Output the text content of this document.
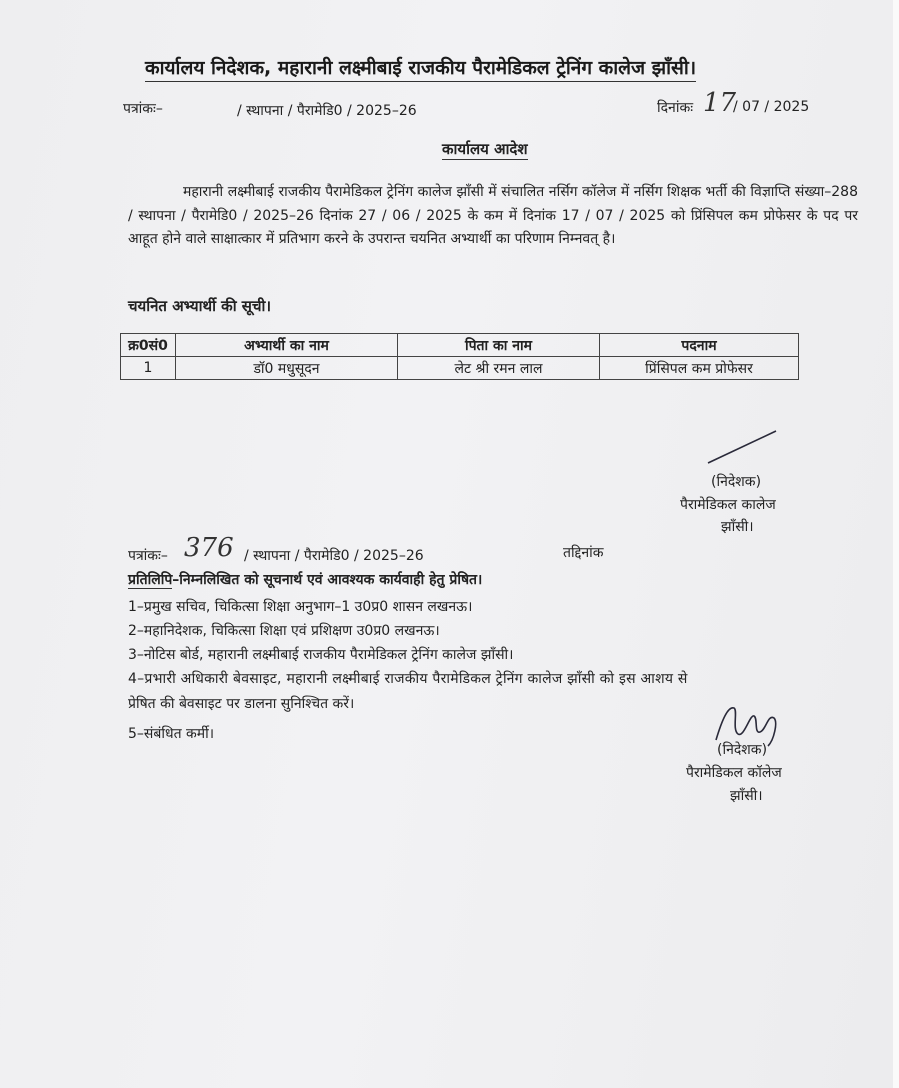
कार्यालय निदेशक, महारानी लक्ष्मीबाई राजकीय पैरामेडिकल ट्रेनिंग कालेज झाँसी।
पत्रांकः–	/ स्थापना / पैरामेडि0 / 2025–26	दिनांकः 17
/ 07 / 2025
कार्यालय आदेश
महारानी लक्ष्मीबाई राजकीय पैरामेडिकल ट्रेनिंग कालेज झाँसी में संचालित नर्सिग कॉलेज में नर्सिग शिक्षक भर्ती की विज्ञाप्ति संख्या–288 / स्थापना / पैरामेडि0 / 2025–26 दिनांक 27 / 06 / 2025 के कम में दिनांक 17 / 07 / 2025 को प्रिंसिपल कम प्रोफेसर के पद पर आहूत होने वाले साक्षात्कार में प्रतिभाग करने के उपरान्त चयनित अभ्यार्थी का परिणाम निम्नवत् है।
चयनित अभ्यार्थी की सूची।
क्र0सं0	अभ्यार्थी का नाम	पिता का नाम	पदनाम
1	डॉ0 मधुसूदन	लेट श्री रमन लाल	प्रिंसिपल कम प्रोफेसर
(निदेशक)
पैरामेडिकल कालेज
झाँसी।
पत्रांकः– 376 / स्थापना / पैरामेडि0 / 2025–26	तद्दिनांक
प्रतिलिपि–निम्नलिखित को सूचनार्थ एवं आवश्यक कार्यवाही हेतु प्रेषित।
1–प्रमुख सचिव, चिकित्सा शिक्षा अनुभाग–1 उ0प्र0 शासन लखनऊ।
2–महानिदेशक, चिकित्सा शिक्षा एवं प्रशिक्षण उ0प्र0 लखनऊ।
3–नोटिस बोर्ड, महारानी लक्ष्मीबाई राजकीय पैरामेडिकल ट्रेनिंग कालेज झाँसी।
4–प्रभारी अधिकारी बेवसाइट, महारानी लक्ष्मीबाई राजकीय पैरामेडिकल ट्रेनिंग कालेज झाँसी को इस आशय से
प्रेषित की बेवसाइट पर डालना सुनिश्चित करें।
5–संबंधित कर्मी।
(निदेशक)
पैरामेडिकल कॉलेज
झाँसी।
